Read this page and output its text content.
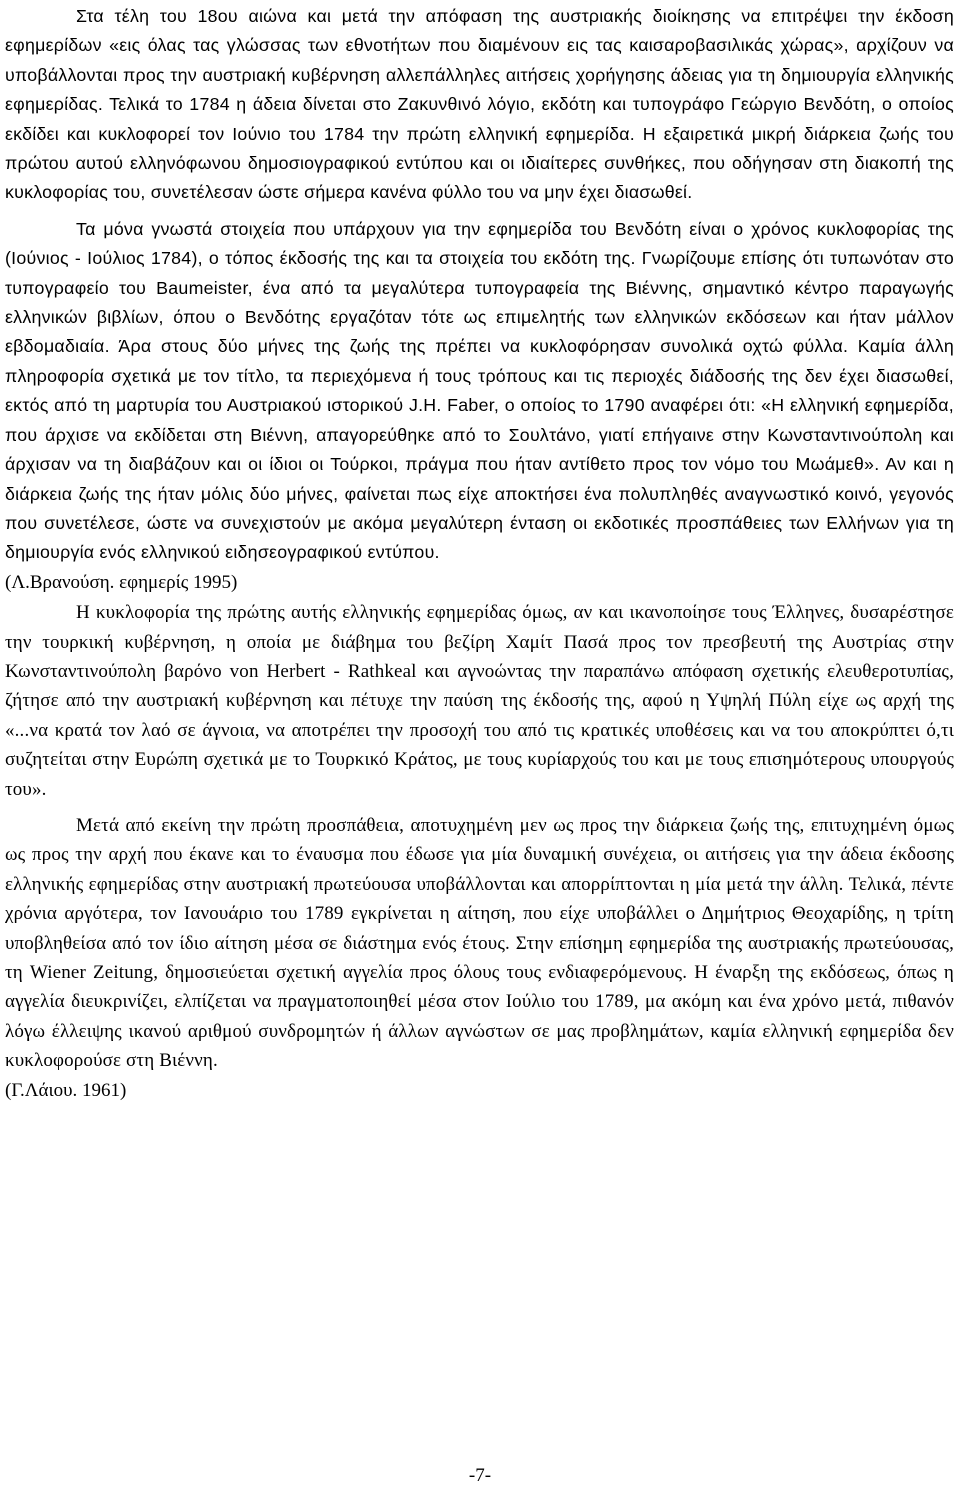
Στα τέλη του 18ου αιώνα και μετά την απόφαση της αυστριακής διοίκησης να επιτρέψει την έκδοση εφημερίδων «εις όλας τας γλώσσας των εθνοτήτων που διαμένουν εις τας καισαροβασιλικάς χώρας», αρχίζουν να υποβάλλονται προς την αυστριακή κυβέρνηση αλλεπάλληλες αιτήσεις χορήγησης άδειας για τη δημιουργία ελληνικής εφημερίδας. Τελικά το 1784 η άδεια δίνεται στο Ζακυνθινό λόγιο, εκδότη και τυπογράφο Γεώργιο Βενδότη, ο οποίος εκδίδει και κυκλοφορεί τον Ιούνιο του 1784 την πρώτη ελληνική εφημερίδα. Η εξαιρετικά μικρή διάρκεια ζωής του πρώτου αυτού ελληνόφωνου δημοσιογραφικού εντύπου και οι ιδιαίτερες συνθήκες, που οδήγησαν στη διακοπή της κυκλοφορίας του, συνετέλεσαν ώστε σήμερα κανένα φύλλο του να μην έχει διασωθεί.

Τα μόνα γνωστά στοιχεία που υπάρχουν για την εφημερίδα του Βενδότη είναι ο χρόνος κυκλοφορίας της (Ιούνιος - Ιούλιος 1784), ο τόπος έκδοσής της και τα στοιχεία του εκδότη της. Γνωρίζουμε επίσης ότι τυπωνόταν στο τυπογραφείο του Baumeister, ένα από τα μεγαλύτερα τυπογραφεία της Βιέννης, σημαντικό κέντρο παραγωγής ελληνικών βιβλίων, όπου ο Βενδότης εργαζόταν τότε ως επιμελητής των ελληνικών εκδόσεων και ήταν μάλλον εβδομαδιαία. Άρα στους δύο μήνες της ζωής της πρέπει να κυκλοφόρησαν συνολικά οχτώ φύλλα. Καμία άλλη πληροφορία σχετικά με τον τίτλο, τα περιεχόμενα ή τους τρόπους και τις περιοχές διάδοσής της δεν έχει διασωθεί, εκτός από τη μαρτυρία του Αυστριακού ιστορικού J.H. Faber, ο οποίος το 1790 αναφέρει ότι: «Η ελληνική εφημερίδα, που άρχισε να εκδίδεται στη Βιέννη, απαγορεύθηκε από το Σουλτάνο, γιατί επήγαινε στην Κωνσταντινούπολη και άρχισαν να τη διαβάζουν και οι ίδιοι οι Τούρκοι, πράγμα που ήταν αντίθετο προς τον νόμο του Μωάμεθ». Αν και η διάρκεια ζωής της ήταν μόλις δύο μήνες, φαίνεται πως είχε αποκτήσει ένα πολυπληθές αναγνωστικό κοινό, γεγονός που συνετέλεσε, ώστε να συνεχιστούν με ακόμα μεγαλύτερη ένταση οι εκδοτικές προσπάθειες των Ελλήνων για τη δημιουργία ενός ελληνικού ειδησεογραφικού εντύπου.

(Λ.Βρανούση. εφημερίς 1995)

Η κυκλοφορία της πρώτης αυτής ελληνικής εφημερίδας όμως, αν και ικανοποίησε τους Έλληνες, δυσαρέστησε την τουρκική κυβέρνηση, η οποία με διάβημα του βεζίρη Χαμίτ Πασά προς τον πρεσβευτή της Αυστρίας στην Κωνσταντινούπολη βαρόνο von Herbert - Rathkeal και αγνοώντας την παραπάνω απόφαση σχετικής ελευθεροτυπίας, ζήτησε από την αυστριακή κυβέρνηση και πέτυχε την παύση της έκδοσής της, αφού η Υψηλή Πύλη είχε ως αρχή της «...να κρατά τον λαό σε άγνοια, να αποτρέπει την προσοχή του από τις κρατικές υποθέσεις και να του αποκρύπτει ό,τι συζητείται στην Ευρώπη σχετικά με το Τουρκικό Κράτος, με τους κυρίαρχούς του και με τους επισημότερους υπουργούς του».

Μετά από εκείνη την πρώτη προσπάθεια, αποτυχημένη μεν ως προς την διάρκεια ζωής της, επιτυχημένη όμως ως προς την αρχή που έκανε και το έναυσμα που έδωσε για μία δυναμική συνέχεια, οι αιτήσεις για την άδεια έκδοσης ελληνικής εφημερίδας στην αυστριακή πρωτεύουσα υποβάλλονται και απορρίπτονται η μία μετά την άλλη. Τελικά, πέντε χρόνια αργότερα, τον Ιανουάριο του 1789 εγκρίνεται η αίτηση, που είχε υποβάλλει ο Δημήτριος Θεοχαρίδης, η τρίτη υποβληθείσα από τον ίδιο αίτηση μέσα σε διάστημα ενός έτους. Στην επίσημη εφημερίδα της αυστριακής πρωτεύουσας, τη Wiener Zeitung, δημοσιεύεται σχετική αγγελία προς όλους τους ενδιαφερόμενους. Η έναρξη της εκδόσεως, όπως η αγγελία διευκρινίζει, ελπίζεται να πραγματοποιηθεί μέσα στον Ιούλιο του 1789, μα ακόμη και ένα χρόνο μετά, πιθανόν λόγω έλλειψης ικανού αριθμού συνδρομητών ή άλλων αγνώστων σε μας προβλημάτων, καμία ελληνική εφημερίδα δεν κυκλοφορούσε στη Βιέννη.

(Γ.Λάιου. 1961)

-7-
